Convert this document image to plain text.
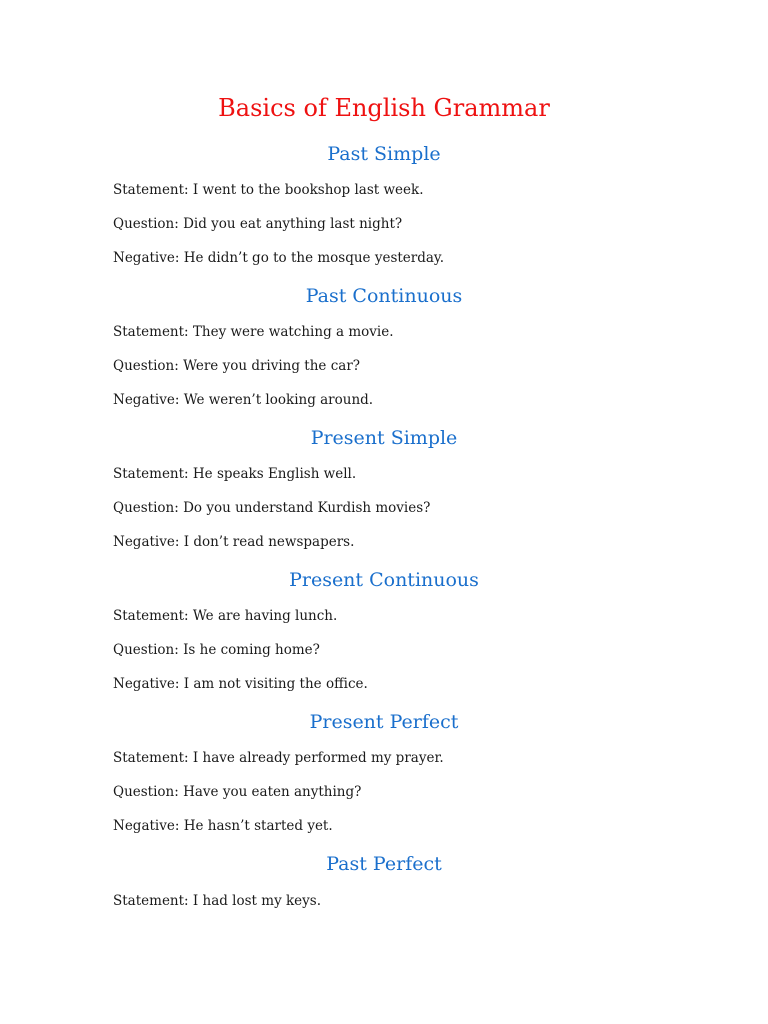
Basics of English Grammar
Past Simple

Statement: I went to the bookshop last week.

Question: Did you eat anything last night?

Negative: He didn’t go to the mosque yesterday.

Past Continuous

Statement: They were watching a movie.

Question: Were you driving the car?

Negative: We weren’t looking around.

Present Simple

Statement: He speaks English well.

Question: Do you understand Kurdish movies?

Negative: I don’t read newspapers.

Present Continuous

Statement: We are having lunch.

Question: Is he coming home?

Negative: I am not visiting the office.

Present Perfect

Statement: I have already performed my prayer.

Question: Have you eaten anything?

Negative: He hasn’t started yet.

Past Perfect

Statement: I had lost my keys.
